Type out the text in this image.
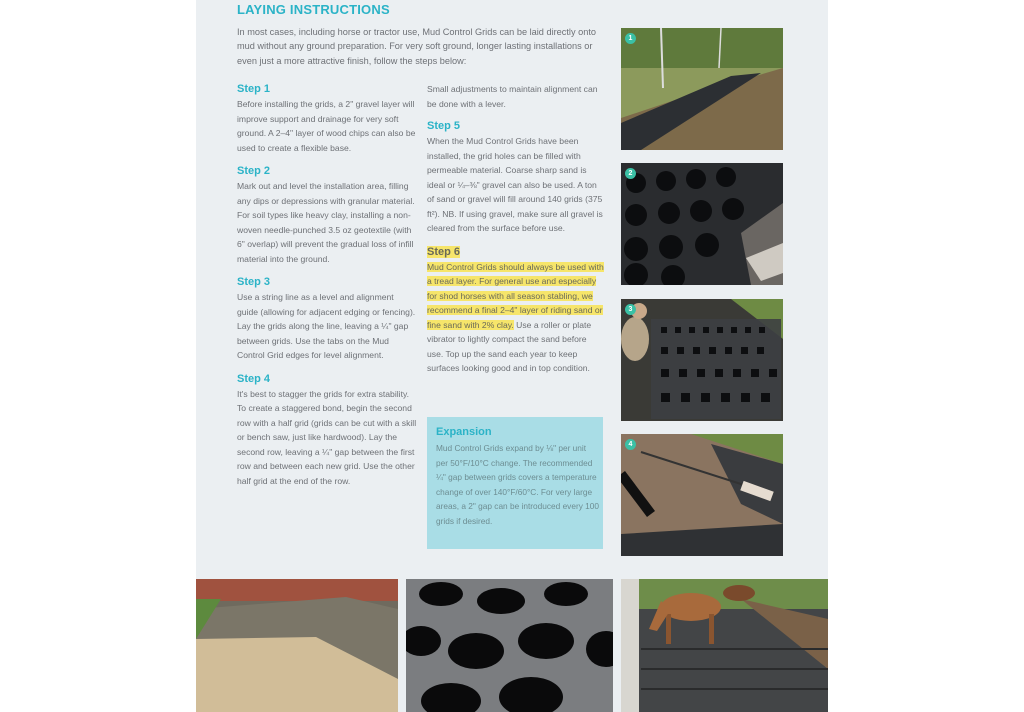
LAYING INSTRUCTIONS
In most cases, including horse or tractor use, Mud Control Grids can be laid directly onto mud without any ground preparation. For very soft ground, longer lasting installations or even just a more attractive finish, follow the steps below:

Step 1

Before installing the grids, a 2" gravel layer will improve support and drainage for very soft ground. A 2–4" layer of wood chips can also be used to create a flexible base.

Step 2

Mark out and level the installation area, filling any dips or depressions with granular material. For soil types like heavy clay, installing a non-woven needle-punched 3.5 oz geotextile (with 6" overlap) will prevent the gradual loss of infill material into the ground.

Step 3

Use a string line as a level and alignment guide (allowing for adjacent edging or fencing). Lay the grids along the line, leaving a ¼" gap between grids. Use the tabs on the Mud Control Grid edges for level alignment.

Step 4

It's best to stagger the grids for extra stability. To create a staggered bond, begin the second row with a half grid (grids can be cut with a skill or bench saw, just like hardwood). Lay the second row, leaving a ¼" gap between the first row and between each new grid. Use the other half grid at the end of the row.

Small adjustments to maintain alignment can be done with a lever.

Step 5

When the Mud Control Grids have been installed, the grid holes can be filled with permeable material. Coarse sharp sand is ideal or ¼–⅜" gravel can also be used. A ton of sand or gravel will fill around 140 grids (375 ft²). NB. If using gravel, make sure all gravel is cleared from the surface before use.

Step 6

Mud Control Grids should always be used with a tread layer. For general use and especially for shod horses with all season stabling, we recommend a final 2–4" layer of riding sand or fine sand with 2% clay. Use a roller or plate vibrator to lightly compact the sand before use. Top up the sand each year to keep surfaces looking good and in top condition.

Expansion

Mud Control Grids expand by ⅛" per unit per 50°F/10°C change. The recommended ¼" gap between grids covers a temperature change of over 140°F/60°C. For very large areas, a 2" gap can be introduced every 100 grids if desired.
1
2
3
4
